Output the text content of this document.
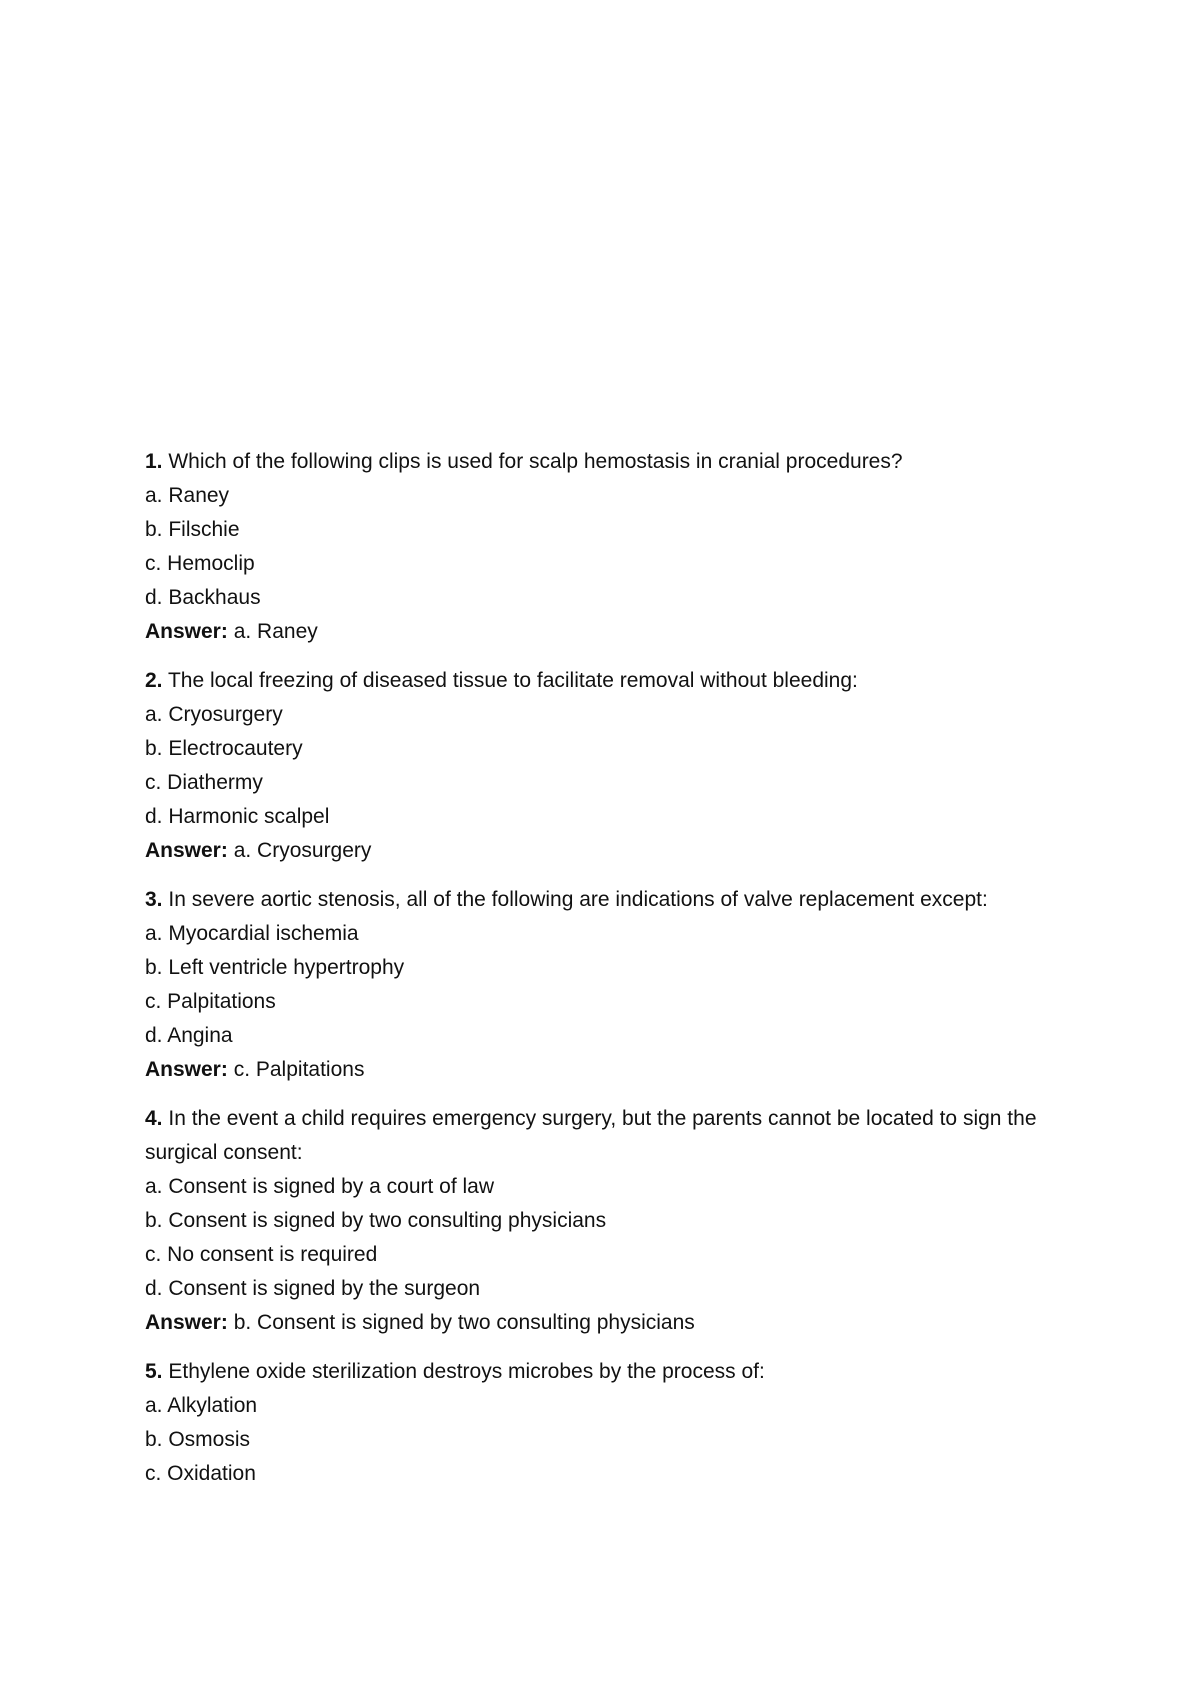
1. Which of the following clips is used for scalp hemostasis in cranial procedures?
a. Raney
b. Filschie
c. Hemoclip
d. Backhaus
Answer: a. Raney
2. The local freezing of diseased tissue to facilitate removal without bleeding:
a. Cryosurgery
b. Electrocautery
c. Diathermy
d. Harmonic scalpel
Answer: a. Cryosurgery
3. In severe aortic stenosis, all of the following are indications of valve replacement except:
a. Myocardial ischemia
b. Left ventricle hypertrophy
c. Palpitations
d. Angina
Answer: c. Palpitations
4. In the event a child requires emergency surgery, but the parents cannot be located to sign the surgical consent:
a. Consent is signed by a court of law
b. Consent is signed by two consulting physicians
c. No consent is required
d. Consent is signed by the surgeon
Answer: b. Consent is signed by two consulting physicians
5. Ethylene oxide sterilization destroys microbes by the process of:
a. Alkylation
b. Osmosis
c. Oxidation
